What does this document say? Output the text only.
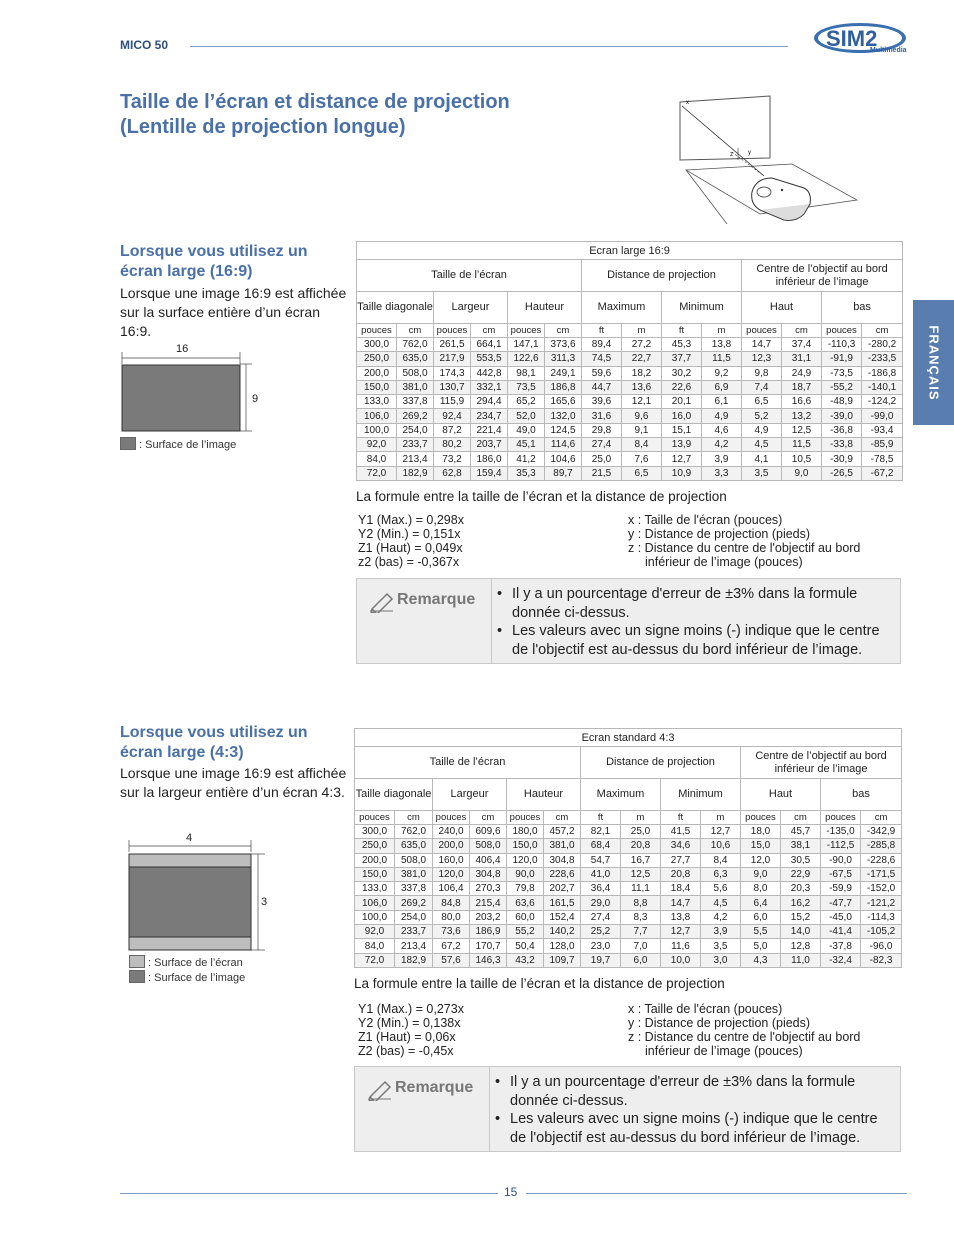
MICO 50	SIM2
Multimedia
Taille de l’écran et distance de projection
(Lentille de projection longue)
x
z	y
FRANÇAIS
Lorsque vous utilisez un écran large (16:9)
Lorsque une image 16:9 est affichée sur la surface entière d’un écran 16:9.
16
9
: Surface de l’image
Ecran large 16:9													
Taille de l’écran						Distance de projection				Centre de l’objectif au bord inférieur de l’image			
Taille diagonale		Largeur		Hauteur		Maximum		Minimum		Haut		bas	
pouces	cm	pouces	cm	pouces	cm	ft	m	ft	m	pouces	cm	pouces	cm
300,0	762,0	261,5	664,1	147,1	373,6	89,4	27,2	45,3	13,8	14,7	37,4	-110,3	-280,2
250,0	635,0	217,9	553,5	122,6	311,3	74,5	22,7	37,7	11,5	12,3	31,1	-91,9	-233,5
200,0	508,0	174,3	442,8	98,1	249,1	59,6	18,2	30,2	9,2	9,8	24,9	-73,5	-186,8
150,0	381,0	130,7	332,1	73,5	186,8	44,7	13,6	22,6	6,9	7,4	18,7	-55,2	-140,1
133,0	337,8	115,9	294,4	65,2	165,6	39,6	12,1	20,1	6,1	6,5	16,6	-48,9	-124,2
106,0	269,2	92,4	234,7	52,0	132,0	31,6	9,6	16,0	4,9	5,2	13,2	-39,0	-99,0
100,0	254,0	87,2	221,4	49,0	124,5	29,8	9,1	15,1	4,6	4,9	12,5	-36,8	-93,4
92,0	233,7	80,2	203,7	45,1	114,6	27,4	8,4	13,9	4,2	4,5	11,5	-33,8	-85,9
84,0	213,4	73,2	186,0	41,2	104,6	25,0	7,6	12,7	3,9	4,1	10,5	-30,9	-78,5
72,0	182,9	62,8	159,4	35,3	89,7	21,5	6,5	10,9	3,3	3,5	9,0	-26,5	-67,2
La formule entre la taille de l’écran et la distance de projection
Y1 (Max.) = 0,298x
Y2 (Min.) = 0,151x
Z1 (Haut) = 0,049x
z2 (bas) = -0,367x
x : Taille de l'écran (pouces)
y : Distance de projection (pieds)
z : Distance du centre de l'objectif au bord
inférieur de l’image (pouces)
Remarque	• Il y a un pourcentage d'erreur de ±3% dans la formule donnée ci-dessus.
• Les valeurs avec un signe moins (-) indique que le centre de l'objectif est au-dessus du bord inférieur de l’image.
Lorsque vous utilisez un écran large (4:3)
Lorsque une image 16:9 est affichée sur la largeur entière d’un écran 4:3.
4
3
: Surface de l’écran
: Surface de l’image
Ecran standard 4:3													
Taille de l’écran						Distance de projection				Centre de l’objectif au bord inférieur de l’image			
Taille diagonale		Largeur		Hauteur		Maximum		Minimum		Haut		bas	
pouces	cm	pouces	cm	pouces	cm	ft	m	ft	m	pouces	cm	pouces	cm
300,0	762,0	240,0	609,6	180,0	457,2	82,1	25,0	41,5	12,7	18,0	45,7	-135,0	-342,9
250,0	635,0	200,0	508,0	150,0	381,0	68,4	20,8	34,6	10,6	15,0	38,1	-112,5	-285,8
200,0	508,0	160,0	406,4	120,0	304,8	54,7	16,7	27,7	8,4	12,0	30,5	-90,0	-228,6
150,0	381,0	120,0	304,8	90,0	228,6	41,0	12,5	20,8	6,3	9,0	22,9	-67,5	-171,5
133,0	337,8	106,4	270,3	79,8	202,7	36,4	11,1	18,4	5,6	8,0	20,3	-59,9	-152,0
106,0	269,2	84,8	215,4	63,6	161,5	29,0	8,8	14,7	4,5	6,4	16,2	-47,7	-121,2
100,0	254,0	80,0	203,2	60,0	152,4	27,4	8,3	13,8	4,2	6,0	15,2	-45,0	-114,3
92,0	233,7	73,6	186,9	55,2	140,2	25,2	7,7	12,7	3,9	5,5	14,0	-41,4	-105,2
84,0	213,4	67,2	170,7	50,4	128,0	23,0	7,0	11,6	3,5	5,0	12,8	-37,8	-96,0
72,0	182,9	57,6	146,3	43,2	109,7	19,7	6,0	10,0	3,0	4,3	11,0	-32,4	-82,3
La formule entre la taille de l’écran et la distance de projection
Y1 (Max.) = 0,273x
Y2 (Min.) = 0,138x
Z1 (Haut) = 0,06x
Z2 (bas) = -0,45x
x : Taille de l'écran (pouces)
y : Distance de projection (pieds)
z : Distance du centre de l'objectif au bord
inférieur de l’image (pouces)
Remarque	• Il y a un pourcentage d'erreur de ±3% dans la formule donnée ci-dessus.
• Les valeurs avec un signe moins (-) indique que le centre de l'objectif est au-dessus du bord inférieur de l’image.
15
